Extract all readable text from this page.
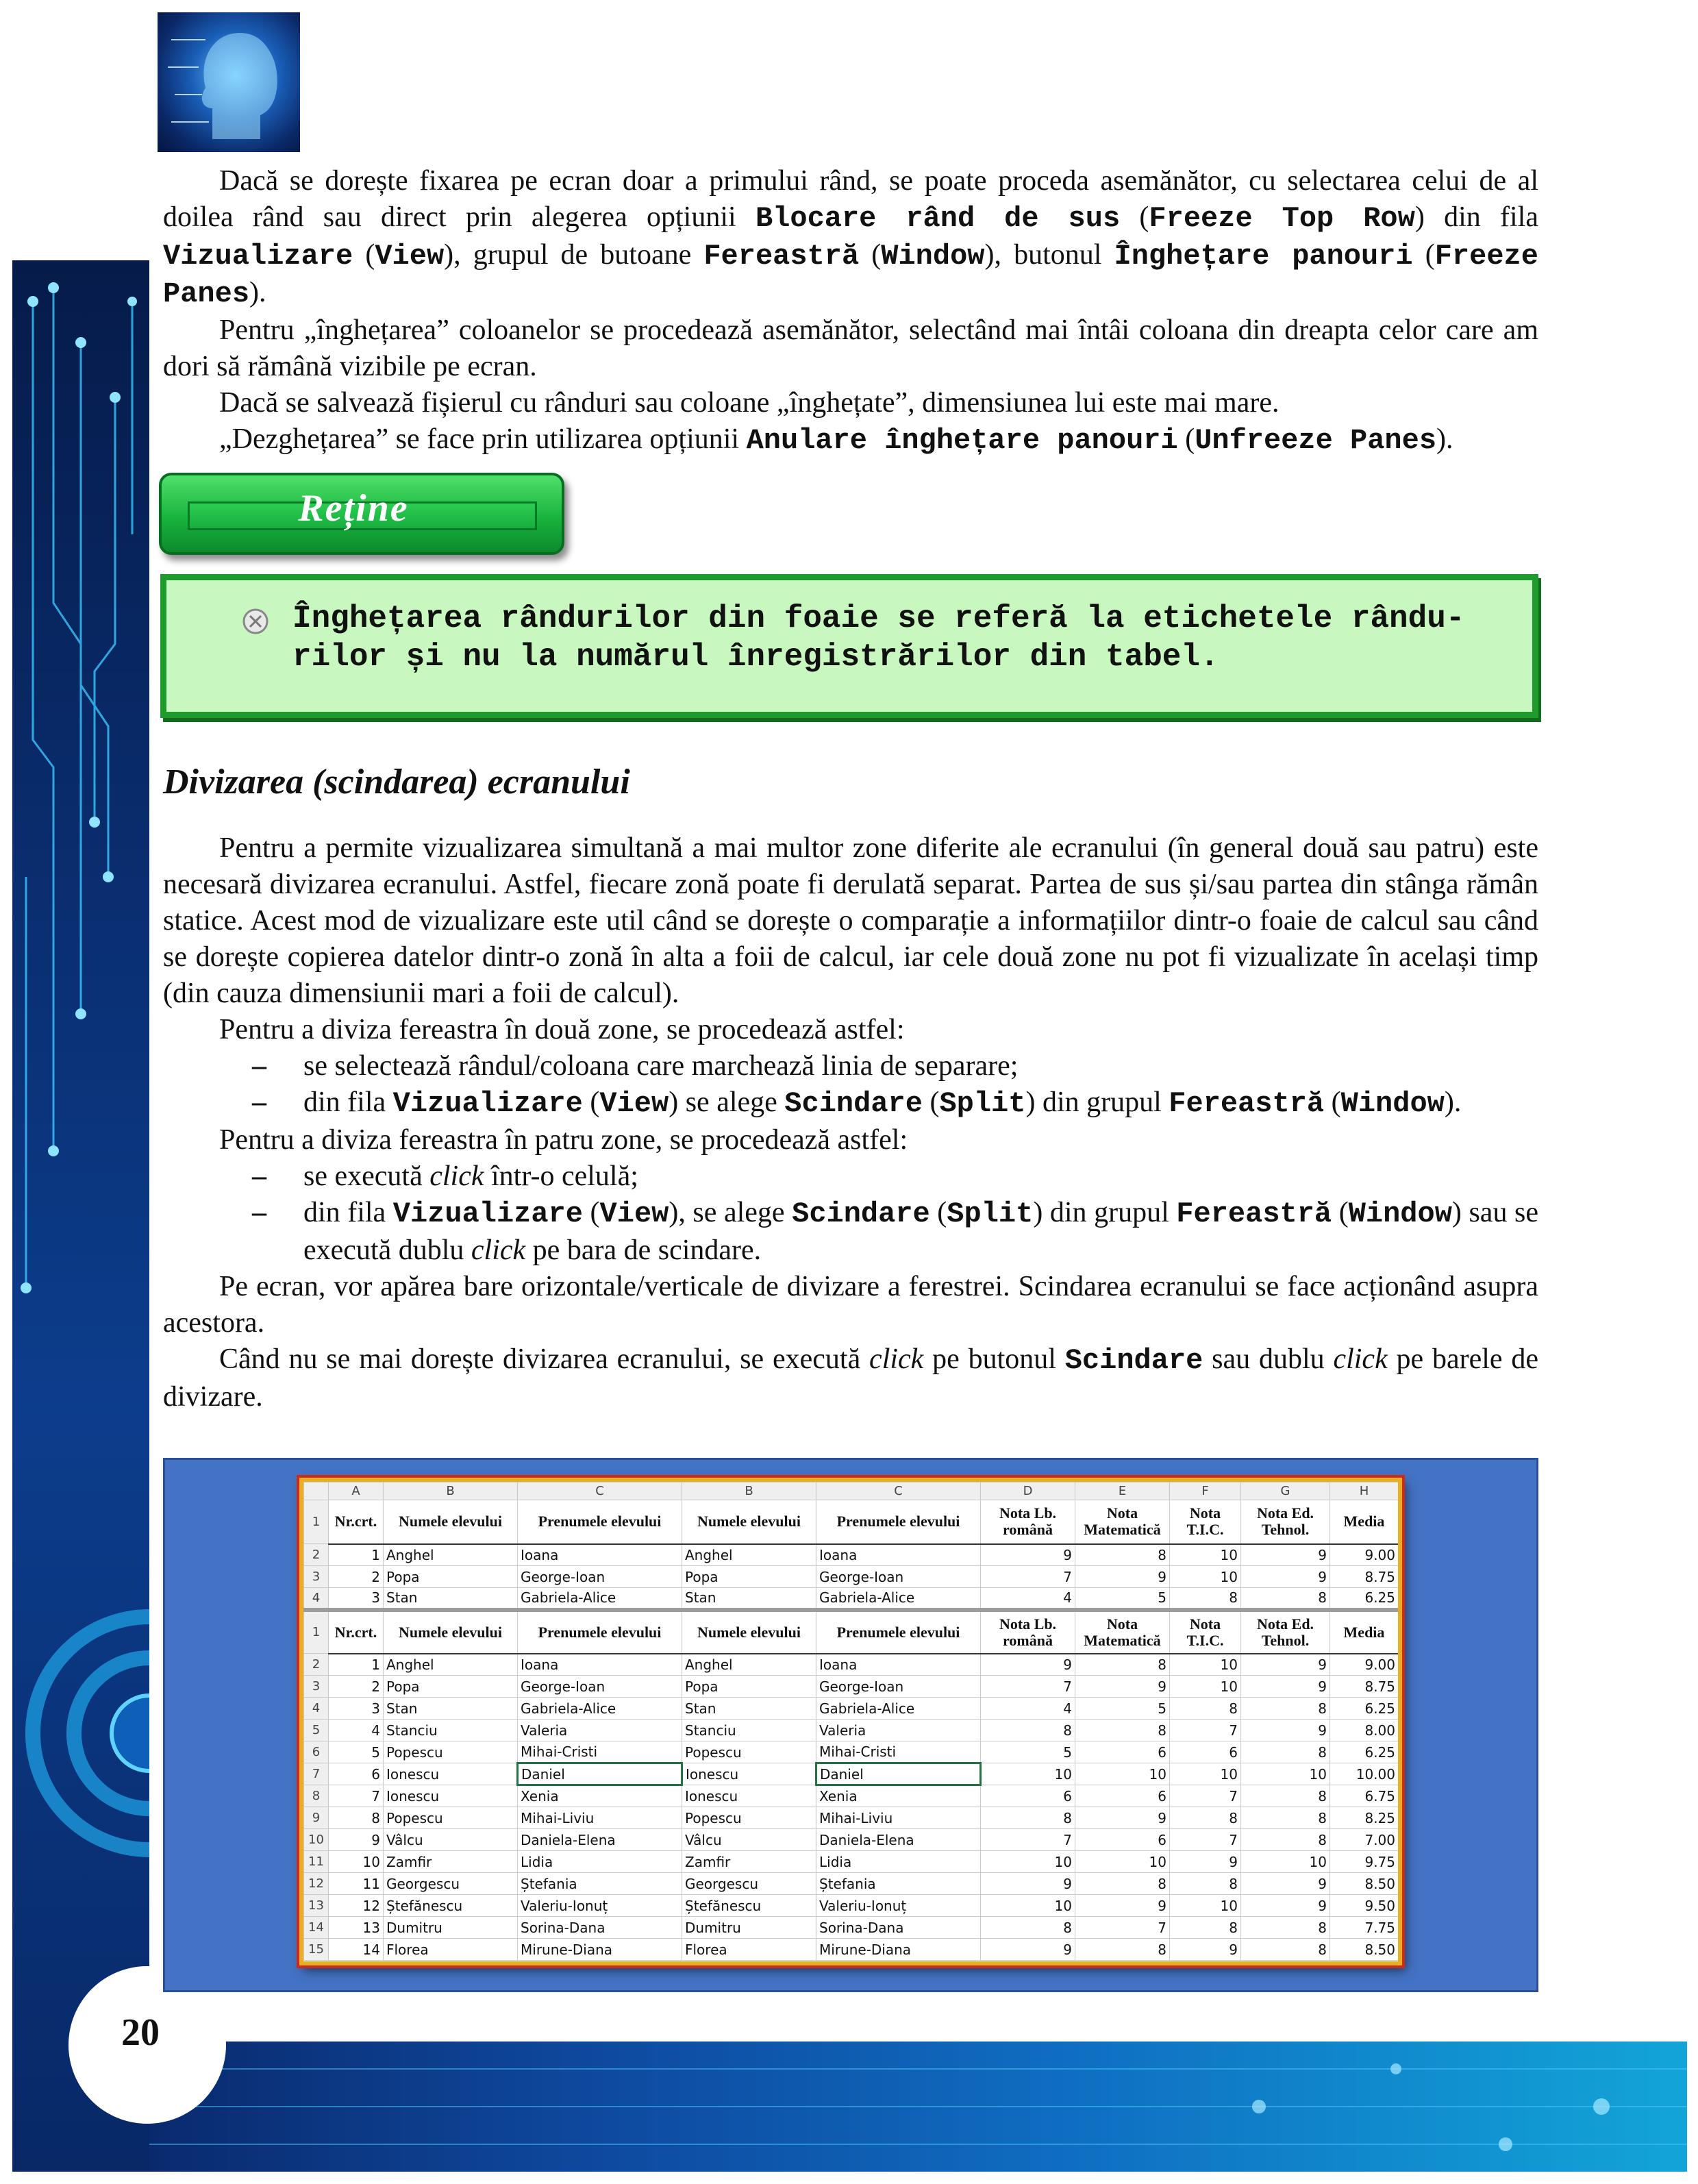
20

Dacă se dorește fixarea pe ecran doar a primului rând, se poate proceda asemănător, cu selectarea celui de al doilea rând sau direct prin alegerea opțiunii Blocare rând de sus (Freeze Top Row) din fila Vizualizare (View), grupul de butoane Fereastră (Window), butonul Înghețare panouri (Freeze Panes).

Pentru „înghețarea” coloanelor se procedează asemănător, selectând mai întâi coloana din dreapta celor care am dori să rămână vizibile pe ecran.

Dacă se salvează fișierul cu rânduri sau coloane „înghețate”, dimensiunea lui este mai mare.

„Dezghețarea” se face prin utilizarea opțiunii Anulare înghețare panouri (Unfreeze Panes).

Reține
Înghețarea rândurilor din foaie se referă la etichetele rându-
rilor și nu la numărul înregistrărilor din tabel.
Divizarea (scindarea) ecranului

Pentru a permite vizualizarea simultană a mai multor zone diferite ale ecranului (în general două sau patru) este necesară divizarea ecranului. Astfel, fiecare zonă poate fi derulată separat. Partea de sus și/sau partea din stânga rămân statice. Acest mod de vizualizare este util când se dorește o comparație a informațiilor dintr-o foaie de calcul sau când se dorește copierea datelor dintr-o zonă în alta a foii de calcul, iar cele două zone nu pot fi vizualizate în același timp (din cauza dimensiunii mari a foii de calcul).

Pentru a diviza fereastra în două zone, se procedează astfel:

– se selectează rândul/coloana care marchează linia de separare;
– din fila Vizualizare (View) se alege Scindare (Split) din grupul Fereastră (Window).

Pentru a diviza fereastra în patru zone, se procedează astfel:

– se execută click într-o celulă;
– din fila Vizualizare (View), se alege Scindare (Split) din grupul Fereastră (Window) sau se execută dublu click pe bara de scindare.

Pe ecran, vor apărea bare orizontale/verticale de divizare a ferestrei. Scindarea ecranului se face acționând asupra acestora.

Când nu se mai dorește divizarea ecranului, se execută click pe butonul Scindare sau dublu click pe barele de divizare.

	A	B	C	B	C	D	E	F	G	H
1	Nr.crt.	Numele elevului	Prenumele elevului	Numele elevului	Prenumele elevului	Nota Lb. română	Nota Matematică	Nota T.I.C.	Nota Ed. Tehnol.	Media
2	1	Anghel	Ioana	Anghel	Ioana	9	8	10	9	9.00
3	2	Popa	George-Ioan	Popa	George-Ioan	7	9	10	9	8.75
4	3	Stan	Gabriela-Alice	Stan	Gabriela-Alice	4	5	8	8	6.25
1	Nr.crt.	Numele elevului	Prenumele elevului	Numele elevului	Prenumele elevului	Nota Lb. română	Nota Matematică	Nota T.I.C.	Nota Ed. Tehnol.	Media
2	1	Anghel	Ioana	Anghel	Ioana	9	8	10	9	9.00
3	2	Popa	George-Ioan	Popa	George-Ioan	7	9	10	9	8.75
4	3	Stan	Gabriela-Alice	Stan	Gabriela-Alice	4	5	8	8	6.25
5	4	Stanciu	Valeria	Stanciu	Valeria	8	8	7	9	8.00
6	5	Popescu	Mihai-Cristi	Popescu	Mihai-Cristi	5	6	6	8	6.25
7	6	Ionescu	Daniel	Ionescu	Daniel	10	10	10	10	10.00
8	7	Ionescu	Xenia	Ionescu	Xenia	6	6	7	8	6.75
9	8	Popescu	Mihai-Liviu	Popescu	Mihai-Liviu	8	9	8	8	8.25
10	9	Vâlcu	Daniela-Elena	Vâlcu	Daniela-Elena	7	6	7	8	7.00
11	10	Zamfir	Lidia	Zamfir	Lidia	10	10	9	10	9.75
12	11	Georgescu	Ștefania	Georgescu	Ștefania	9	8	8	9	8.50
13	12	Ștefănescu	Valeriu-Ionuț	Ștefănescu	Valeriu-Ionuț	10	9	10	9	9.50
14	13	Dumitru	Sorina-Dana	Dumitru	Sorina-Dana	8	7	8	8	7.75
15	14	Florea	Mirune-Diana	Florea	Mirune-Diana	9	8	9	8	8.50
